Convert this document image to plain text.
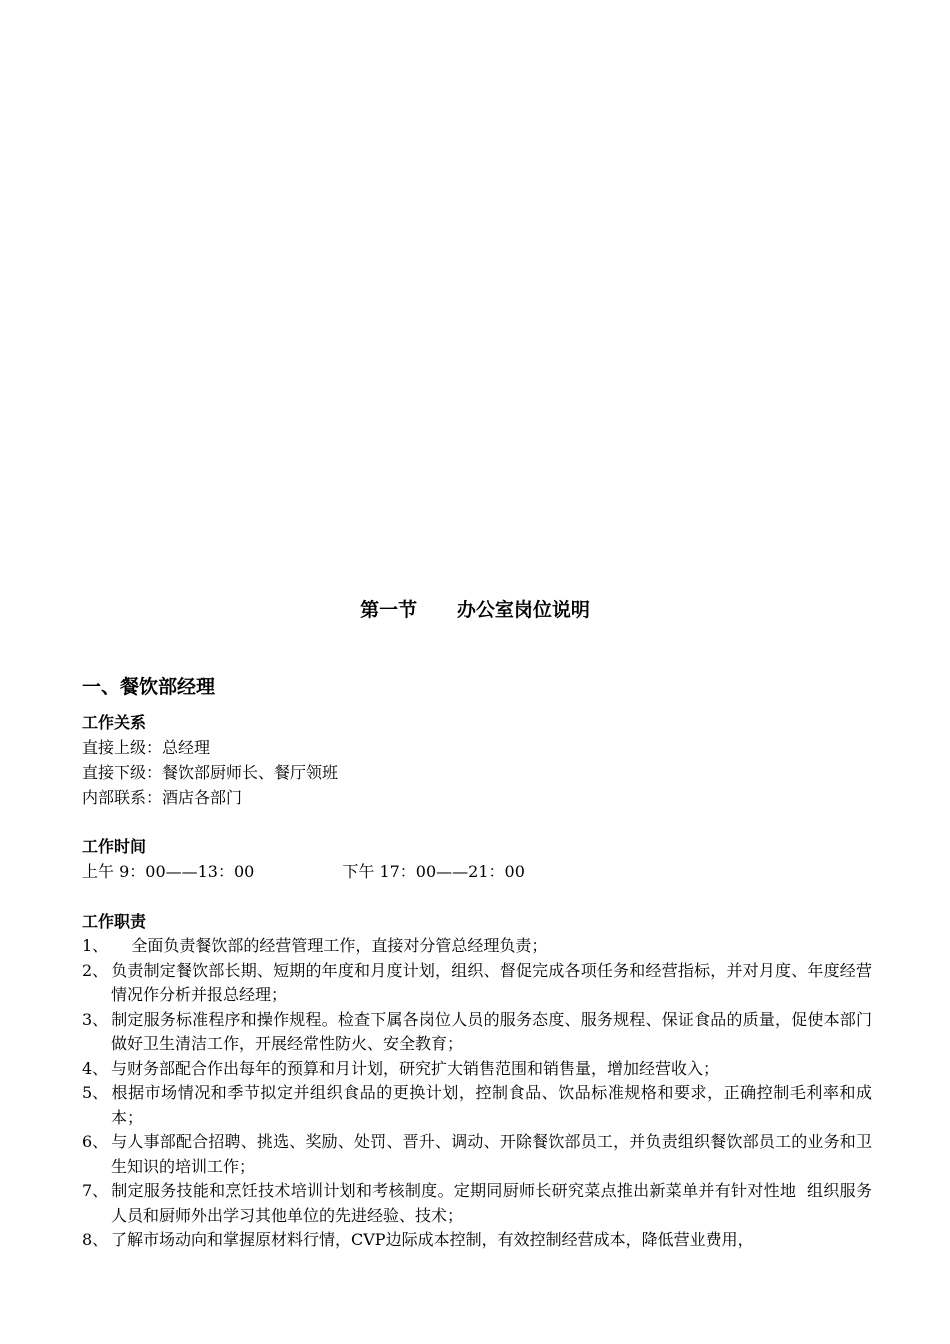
第一节      办公室岗位说明
一、餐饮部经理
工作关系
直接上级：总经理
直接下级：餐饮部厨师长、餐厅领班
内部联系：酒店各部门
工作时间
上午 9：00——13：00	下午 17：00——21：00
工作职责

1、    全面负责餐饮部的经营管理工作，直接对分管总经理负责；

2、 负责制定餐饮部长期、短期的年度和月度计划，组织、督促完成各项任务和经营指标，并对月度、年度经营情况作分析并报总经理；

3、 制定服务标准程序和操作规程。检查下属各岗位人员的服务态度、服务规程、保证食品的质量，促使本部门做好卫生清洁工作，开展经常性防火、安全教育；

4、 与财务部配合作出每年的预算和月计划，研究扩大销售范围和销售量，增加经营收入；

5、 根据市场情况和季节拟定并组织食品的更换计划，控制食品、饮品标准规格和要求，正确控制毛利率和成本；

6、 与人事部配合招聘、挑选、奖励、处罚、晋升、调动、开除餐饮部员工，并负责组织餐饮部员工的业务和卫生知识的培训工作；

7、 制定服务技能和烹饪技术培训计划和考核制度。定期同厨师长研究菜点推出新菜单并有针对性地  组织服务人员和厨师外出学习其他单位的先进经验、技术；

8、 了解市场动向和掌握原材料行情，CVP边际成本控制，有效控制经营成本，降低营业费用，
